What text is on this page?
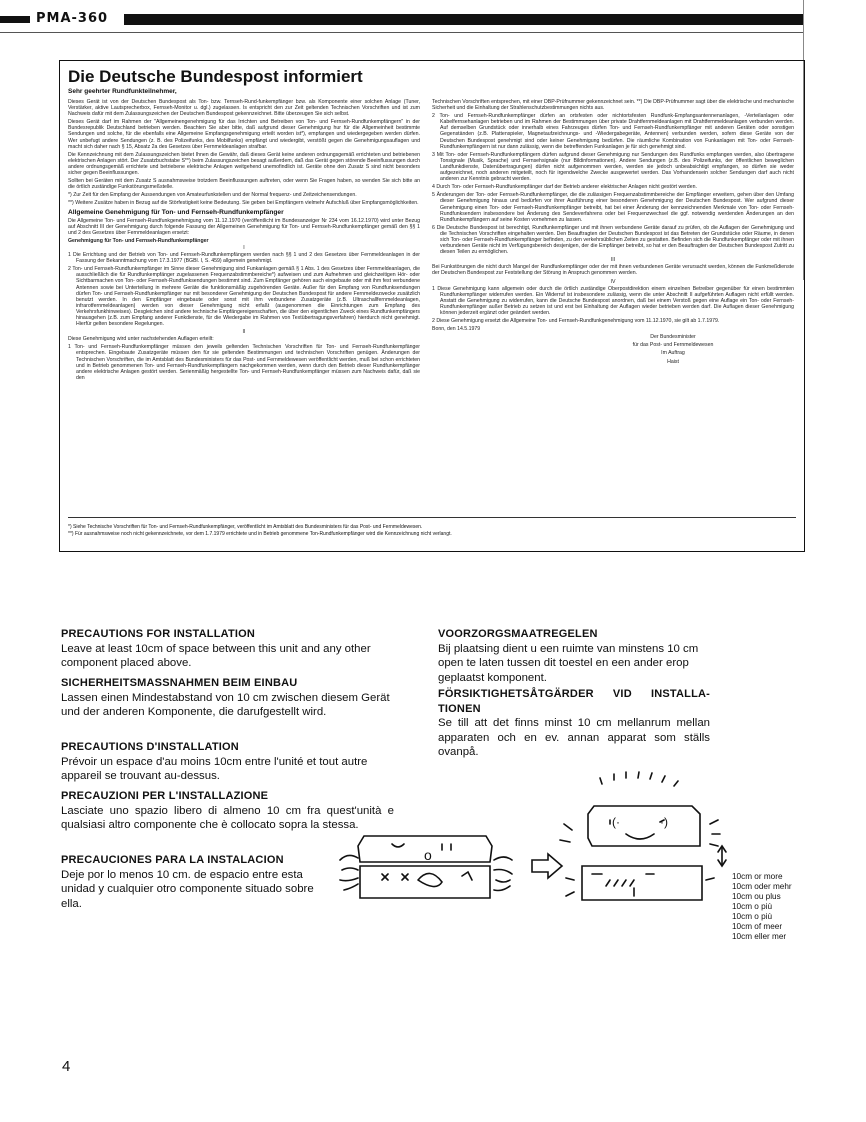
PMA-360
Die Deutsche Bundespost informiert
Sehr geehrter Rundfunkteilnehmer,

Dieses Gerät ist von der Deutschen Bundespost als Ton- bzw. Ternseh-Rund-funkempfänger bzw. als Komponente einer solchen Anlage (Tuner, Verstärker, aktive Lautsprecherbox, Fernseh-Monitor u. dgl.) zugelassen. Is entspricht den zur Zeit geltenden Technischen Vorschriften und ist zum Nachweis dafür mit dem Zulassungszeichen der Deutschen Bundespost gekennzeichnet. Bitte überzeugen Sie sich selbst.

Dieses Gerät darf im Rahmen der "Allgemeinengenehmigung für das Irrichten und Betreiben von Ton- und Fernseh-Rundfunkempfängern" in der Bundesrepublik Deutschland betrieben werden. Beachten Sie aber bitte, daß aufgrund dieser Genehmigung hur für die Allgemeinheit bestimmte Sendungen und solche, für die ebenfalls eine Allgemeine Empfangsgenehmigung erteilt worden ist*), empfangen und wiedergegeben werden dürfen. Wer unbefugt andere Sendungen (z. B. des Polizeifunks, des Mobilfunks) empfängt und wiedergibt, verstößt gegen die Genehmigungsauflagen und macht sich daher nach § 15, Absatz 2a des Gesetzes über Fernmeldeanlagen strafbar.

Die Kennzeichnung mit dem Zulassungszeichen bietet Ihnen die Gewähr, daß dieses Gerät keine anderen ordnungsgemäß errichteten und betriebenen elektrischen Anlagen stört. Der Zusatzbuchstabe S**) beim Zulassungszeichen besagt außerdem, daß das Gerät gegen störende Beeinflussungen durch andere ordnungsgemäß errichtete und betriebene elektrische Anlagen weitgehend unemofindlich ist. Geräte ohne den Zusatz S sind nicht besonders sicher gegen Beeinflussungen.

Sollten bei Geräten mit dem Zusatz S ausnahmsweise trotzdem Beeinflussungen auftreten, oder wenn Sie Fragen haben, so wenden Sie sich bitte an die örtlich zuständige Funkstörungsmeßstelle.

*) Zur Zeit für den Empfang der Aussendungen von Amateurfunkstellen und der Normal frequenz- und Zeitzeichensendungen.

**) Weitere Zusätze haben in Bezug auf die Störfestigkeit keine Bedeutung. Sie geben bei Empfängern vielmehr Aufschluß über Empfangsmöglichkeiten.

Allgemeine Genehmigung für Ton- und Fernseh-Rundfunkempfänger

Die Allgemeine Ton- und Fernseh-Rundfunkgenehmigung vom 11.12.1970 (veröffentlicht im Bundesanzeiger Nr 234 vom 16.12.1970) wird unter Bezug auf Abschnitt III der Genehmigung durch folgende Fassung der Allgemeinen Genehmigung für Ton- und Fernseh-Rundfunkempfänger gemäß den §§ 1 und 2 des Gesetzes über Fernmeldeanlagen ersetzt:

Genehmigung für Ton- und Fernseh-Rundfunkempfänger

I

1 Die Errichtung und der Betrieb von Ton- und Fernseh-Rundfunkempfängern werden nach §§ 1 und 2 des Gesetzes über Fernmeldeanlagen in der Fassung der Bekanntmachung vom 17.3.1977 (BGBl. I, S. 459) allgemein genehmigt.

2 Ton- und Fernseh-Rundfunkempfänger im Sinne dieser Genehmigung sind Funkanlagen gemäß § 1 Abs. 1 des Gesetzes über Fernmeldeanlagen, die ausschließlich die für Rundfunkempfänger zugelassenen Frequenzabstimmbereiche*) aufweisen und zum Aufnehmen und gleichzeitigen Hör- oder Sichtbarmachen von Ton- oder Fernseh-Rundfunksendungen bestimmt sind. Zum Empfänger gehören auch eingebaute oder mit ihm fest verbundene Antennen sowie bei Unterteilung in mehrere Geräte die funktionsmäßig zugehörenden Geräte. Außer für den Empfang von Rundfunksendungen dürfen Ton- und Fernseh-Rundfunkempfänger nur mit besonderer Genehmigung der Deutschen Bundespost für andere Fernmeldezwecke zusätzlich benutzt werden. In den Empfänger eingebaute oder sonst mit ihm verbundene Zusatzgeräte (z.B. Ultraschallfernmeldeanlagen, infrarotfernmeldeanlagen) werden von dieser Genehmigung nicht erfaßt (ausgenommen die Einrichtungen zum Empfang des Verkehrsfunkhinweises). Desgleichen sind andere technische Empfängereigenschaften, die über den eigentlichen Zweck eines Rundfunkempfängers hinausgehen (z.B. zum Empfang anderer Funkdienste, für die Wiedergabe im Rahmen von Textübertragungsverfahren) hierdurch nicht genehmigt. Hierfür gelten besondere Regelungen.

II

Diese Genehmigung wird unter nachstehenden Auflagen erteilt:

1 Ton- und Fernseh-Rundfunkempfänger müssen den jeweils geltenden Technischen Vorschriften für Ton- und Fernseh-Rundfunkempfänger entsprechen. Eingebaute Zusatzgeräte müssen den für sie geltenden Bestimmungen und technischen Vorschriften genügen. Änderungen der Technischen Vorschriften, die im Amtsblatt des Bundesministers für das Post- und Fernmeldewesen veröffentlicht werden, muß bei schon errichteten und in Betrieb genommenen Ton- und Fernseh-Rundfunkempfängern nachgekommen werden, wenn durch den Betrieb dieser Rundfunkempfänger andere elektrische Anlagen gestört werden. Serienmäßig hergestellte Ton- und Fernseh-Rundfunkempfänger müssen zum Nachweis dafür, daß sie den

Technischen Vorschriften entsprechen, mit einer DBP-Prüfnummer gekennzeichnet sein. **) Die DBP-Prüfnummer sagt über die elektrische und mechanische Sicherheit und die Einhaltung der Strahlenschutzbestimmungen nichts aus.

2 Ton- und Fernseh-Rundfunkempfänger dürfen an ortsfesten oder nichtortsfesten Rundfunk-Empfangsantennenanlagen, -Verteilanlagen oder Kabelfernsehanlagen betrieben und im Rahmen der Bestimmungen über private Drahtfernmeldeanlagen mit Drahtfernmeldeanlagen verbunden werden. Auf demselben Grundstück oder innerhalb eines Fahrzeuges dürfen Ton- und Fernseh-Rundfunkempfänger mit anderen Geräten oder sonstigen Gegenständen (z.B. Plattenspieler, Magnetaufzeichnungs- und -Wiedergabegeräte, Antennen) verbunden werden, sofern diese Geräte von der Deutschen Bundespost genehmigt sind oder keiner Genehmigung bedürfen. Die räumliche Kombination von Funkanlagen mit Ton- oder Fernseh-Rundfunkempfängern ist nur dann zulässig, wenn die betreffenden Funkanlagen je für sich genehmigt sind.

3 Mit Ton- oder Fernseh-Rundfunkempfängern dürfen aufgrund dieser Genehmigung nur Sendungen des Rundfunks empfangen werden, also übertragene Tonsignale (Musik, Sprache) und Fernsehsignale (nur Bildinformationen). Andere Sendungen (z.B. des Polizeifunks, der öffentlichen beweglichen Landfunkdienste, Datenübertragungen) dürfen nicht aufgenommen werden, werden sie jedoch unbeabsichtigt empfangen, so dürfen sie weder aufgezeichnet, noch anderen mitgeteilt, noch für irgendwelche Zwecke ausgewertet werden. Das Vorhandensein solcher Sendungen darf auch nicht anderen zur Kenntnis gebracht werden.

4 Durch Ton- oder Fernseh-Rundfunkempfänger darf der Betrieb anderer elektrischer Anlagen nicht gestört werden.

5 Änderungen der Ton- oder Fernseh-Rundfunkempfänger, die die zulässigen Frequenzabstimmbereiche der Empfänger erweitern, gehen über den Umfang dieser Genehmigung hinaus und bedürfen vor ihrer Ausführung einer besonderen Genehmigung der Deutschen Bundespost. Wer aufgrund dieser Genehmigung einen Ton- oder Fernseh-Rundfunkempfänger betreibt, hat bei einer Änderung der kennzeichnenden Merkmale von Ton- oder Fernseh-Rundfunksendern insbesondere bei Änderung des Sendeverfahrens oder bei Frequenzwechsel die ggf. notwendig werdenden Änderungen an den Rundfunkempfängern auf seine Kosten vornehmen zu lassen.

6 Die Deutsche Bundespost ist berechtigt, Rundfunkempfänger und mit ihnen verbundene Geräte darauf zu prüfen, ob die Auflagen der Genehmigung und die Technischen Vorschriften eingehalten werden. Den Beauftragten der Deutschen Bundespost ist das Betreten der Grundstücke oder Räume, in denen sich Ton- oder Fernseh-Rundfunkempfänger befinden, zu den verkehrsüblichen Zeiten zu gestatten. Befinden sich die Rundfunkempfänger oder mit ihnen verbundenen Geräte nicht im Verfügungsbereich desjenigen, der die Empfänger betreibt, so hat er den Beauftragten der Deutschen Bundespost Zutritt zu diesen Teilen zu ermöglichen.

III

Bei Funkstörungen die nicht durch Mangel der Rundfunkempfänger oder der mit ihnen verbundenen Geräte verursacht werden, können die Funkmeßdienste der Deutschen Bundespost zur Feststellung der Störung in Anspruch genommen werden.

IV

1 Diese Genehmigung kann allgemein oder durch die örtlich zuständige Oberpostdirektion einem einzelnen Betreiber gegenüber für einen bestimmten Rundfunkempfänger widerrufen werden. Ein Widerruf ist insbesondere zulässig, wenn die unter Abschnitt II aufgeführten Auflagen nicht erfüllt werden. Anstatt die Genehmigung zu widerrufen, kann die Deutsche Bundespost anordnen, daß bei einem Verstoß gegen eine Auflage ein Ton- oder Fernseh-Rundfunkempfänger außer Betrieb zu setzen ist und erst bei Einhaltung der Auflagen wieder betrieben werden darf. Die Auflagen dieser Genehmigung können jederzeit ergänzt oder geändert werden.

2 Diese Genehmigung ersetzt die Allgemeine Ton- und Fernseh-Rundfunkgenehmigung vom 11.12.1970, sie gilt ab 1.7.1979.

Bonn, den 14.5.1979

Der Bundesminister

für das Post- und Fernmeldewesen

Im Auftrag

Haist

*) Siehe Technische Vorschriften für Ton- und Fernseh-Rundfunkempfänger, veröffentlicht im Amtsblatt des Bundesministers für das Post- und Fernmeldewesen.
**) Für ausnahmsweise noch nicht gekennzeichnete, vor dem 1.7.1979 errichtete und in Betrieb genommene Ton-Rundfunkempfänger wird die Kennzeichnung nicht verlangt.
PRECAUTIONS FOR INSTALLATION

Leave at least 10cm of space between this unit and any other component placed above.

SICHERHEITSMASSNAHMEN BEIM EINBAU

Lassen einen Mindestabstand von 10 cm zwischen diesem Gerät und der anderen Komponente, die darufgestellt wird.

PRECAUTIONS D'INSTALLATION

Prévoir un espace d'au moins 10cm entre l'unité et tout autre appareil se trouvant au-dessus.

PRECAUZIONI PER L'INSTALLAZIONE

Lasciate uno spazio libero di almeno 10 cm fra quest'unità e qualsiasi altro componente che è collocato sopra la stessa.

PRECAUCIONES PARA LA INSTALACION

Deje por lo menos 10 cm. de espacio entre esta unidad y cualquier otro componente situado sobre ella.

VOORZORGSMAATREGELEN

Bij plaatsing dient u een ruimte van minstens 10 cm open te laten tussen dit toestel en een ander erop geplaatst komponent.

FÖRSIKTIGHETSÅTGÄRDER VID INSTALLA-TIONEN

Se till att det finns minst 10 cm mellanrum mellan apparaten och en ev. annan apparat som ställs ovanpå.

o
(·	·)
10cm or more
10cm oder mehr
10cm ou plus
10cm o più
10cm o più
10cm of meer
10cm eller mer
4
